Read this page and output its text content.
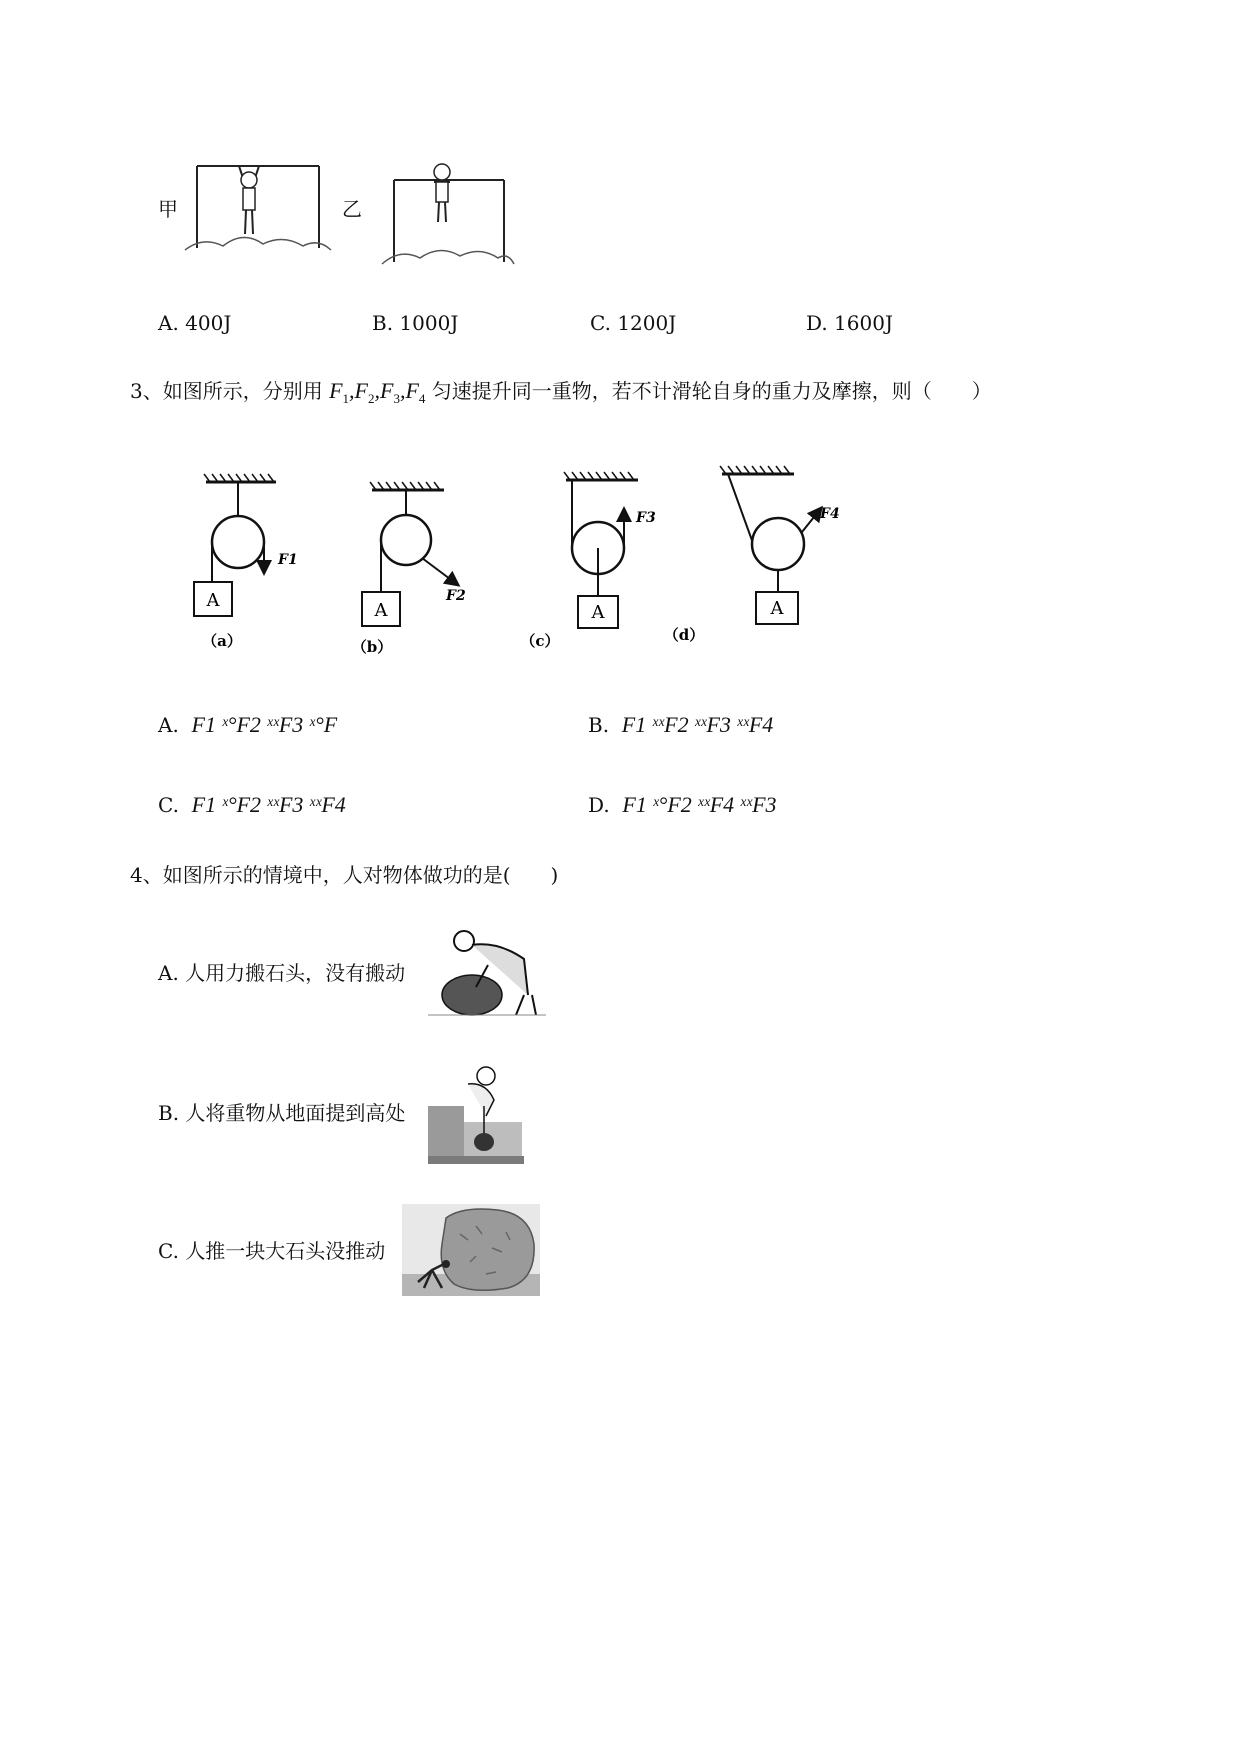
甲	乙
A. 400J	B. 1000J	C. 1200J	D. 1600J
3、如图所示，分别用 $F_1,F_2,F_3,F_4$ 匀速提升同一重物，若不计滑轮自身的重力及摩擦，则（　　）
A
F1
（a）
A
F2
（b）
A
F3
（c）
A
F4
（d）
A. F1 ˣ°F2 ˣˣF3 ˣ°F	B. F1 ˣˣF2 ˣˣF3 ˣˣF4
C. F1 ˣ°F2 ˣˣF3 ˣˣF4	D. F1 ˣ°F2 ˣˣF4 ˣˣF3
4、如图所示的情境中，人对物体做功的是(　　)
A. 人用力搬石头，没有搬动
B. 人将重物从地面提到高处
C. 人推一块大石头没推动
